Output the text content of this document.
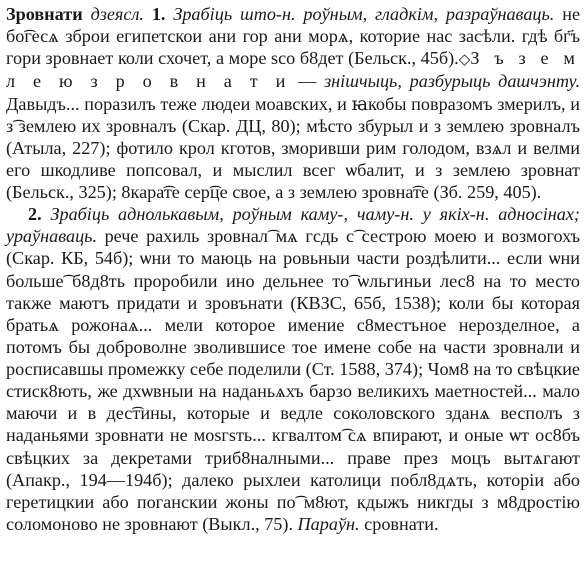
Зровнати дзеясл. 1. Зрабіць што-н. роўным, гладкім, разраўнаваць. не бо͡гесѧ зброи египетскои ани гор ани морѧ, которие нас засѣли. гдѣ бг҃ъ гори зровнает коли схочет, а море ѕсо б8дет (Бельск., 45б).◇З ъ з е м л е ю з р о в н а т и — знішчыць, разбурыць дашчэнту. Давыдъ... поразилъ теже людеи моавских, и ꙗкобы повразомъ змерилъ, и з͡ землею их зровналъ (Скар. ДЦ, 80); мѣсто збурыл и з землею зровналъ (Атыла, 227); фотило крол кготов, зморивши рим голодом, взѧл и велми его шкодливе попсовал, и мыслил всег ѡбалит, и з землею зровнат (Бельск., 325); 8кара͡те сер͡це свое, а з землею зровна͡те (Зб. 259, 405).

2. Зрабіць аднолькавым, роўным каму-, чаму-н. у якіх-н. адносінах; ураўнаваць. рече рахиль зровнал͡ мѧ гсдь с͡ сестрою моею и возмогохъ (Скар. КБ, 54б); ѡни то маюць на ровьныи части роздѣлити... если ѡни больше͡ б8д8ть проробили ино дельнее то͡ ѡльгиньи лес8 на то место также маютъ придати и зровънати (КВЗС, 65б, 1538); коли бы которая братьѧ рожонаѧ... мели которое имение с8местъное нерозделное, а потомъ бы доброволне зволившисе тое имене собе на части зровнали и росписавшы промежку себе поделили (Ст. 1588, 374); Чом8 на то свѣцкие стиск8ють, же дхѡвныи на наданьѧхъ барзо великихъ маетностей... мало маючи и в дес͡тины, которые и ведле соколовского зданѧ весполъ з наданьями зровнати не моѕгѕть... кгвалтом͡ сѧ впирают, и оные ѡт ос8бъ свѣцких за декретами триб8налными... праве през моцъ вытѧгают (Апакр., 194—194б); далеко рыхлеи католици побл8дѧть, которіи або геретицкии або поганскии жоны по͡ м8ют, кдыжъ никгды з м8дростію соломоново не зровнают (Выкл., 75). Параўн. сровнати.
